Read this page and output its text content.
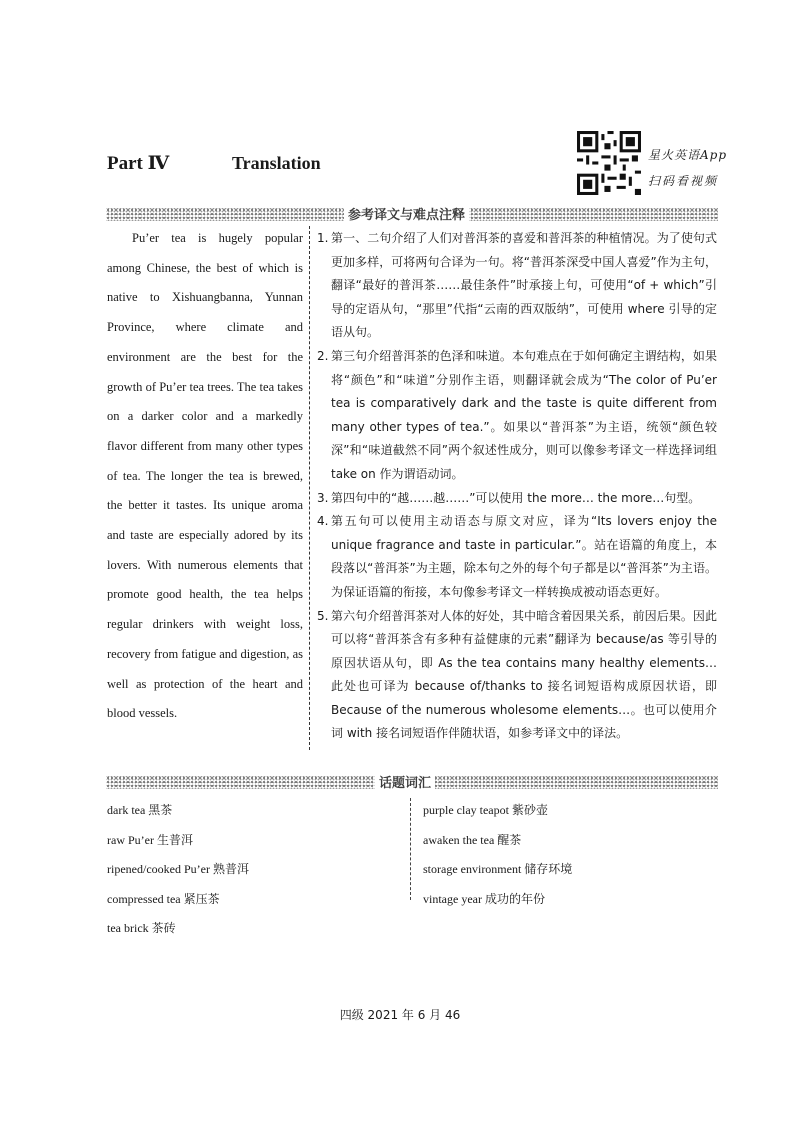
Part Ⅳ	Translation	星火英语App
扫码看视频
参考译文与难点注释

Pu’er tea is hugely popular among Chinese, the best of which is native to Xishuangbanna, Yunnan Province, where climate and environment are the best for the growth of Pu’er tea trees. The tea takes on a darker color and a markedly flavor different from many other types of tea. The longer the tea is brewed, the better it tastes. Its unique aroma and taste are especially adored by its lovers. With numerous elements that promote good health, the tea helps regular drinkers with weight loss, recovery from fatigue and digestion, as well as protection of the heart and blood vessels.

1. 第一、二句介绍了人们对普洱茶的喜爱和普洱茶的种植情况。为了使句式更加多样，可将两句合译为一句。将“普洱茶深受中国人喜爱”作为主句，翻译“最好的普洱茶……最佳条件”时承接上句，可使用“of + which”引导的定语从句，“那里”代指“云南的西双版纳”，可使用 where 引导的定语从句。
2. 第三句介绍普洱茶的色泽和味道。本句难点在于如何确定主谓结构，如果将“颜色”和“味道”分别作主语，则翻译就会成为“The color of Pu’er tea is comparatively dark and the taste is quite different from many other types of tea.”。如果以“普洱茶”为主语，统领“颜色较深”和“味道截然不同”两个叙述性成分，则可以像参考译文一样选择词组 take on 作为谓语动词。
3. 第四句中的“越……越……”可以使用 the more… the more…句型。
4. 第五句可以使用主动语态与原文对应，译为“Its lovers enjoy the unique fragrance and taste in particular.”。站在语篇的角度上，本段落以“普洱茶”为主题，除本句之外的每个句子都是以“普洱茶”为主语。为保证语篇的衔接，本句像参考译文一样转换成被动语态更好。
5. 第六句介绍普洱茶对人体的好处，其中暗含着因果关系，前因后果。因此可以将“普洱茶含有多种有益健康的元素”翻译为 because/as 等引导的原因状语从句，即 As the tea contains many healthy elements… 此处也可译为 because of/thanks to 接名词短语构成原因状语，即 Because of the numerous wholesome elements…。也可以使用介词 with 接名词短语作伴随状语，如参考译文中的译法。
话题词汇
dark tea 黑茶
raw Pu’er 生普洱
ripened/cooked Pu’er 熟普洱
compressed tea 紧压茶
tea brick 茶砖
purple clay teapot 紫砂壶
awaken the tea 醒茶
storage environment 储存环境
vintage year 成功的年份
四级 2021 年 6 月 46
